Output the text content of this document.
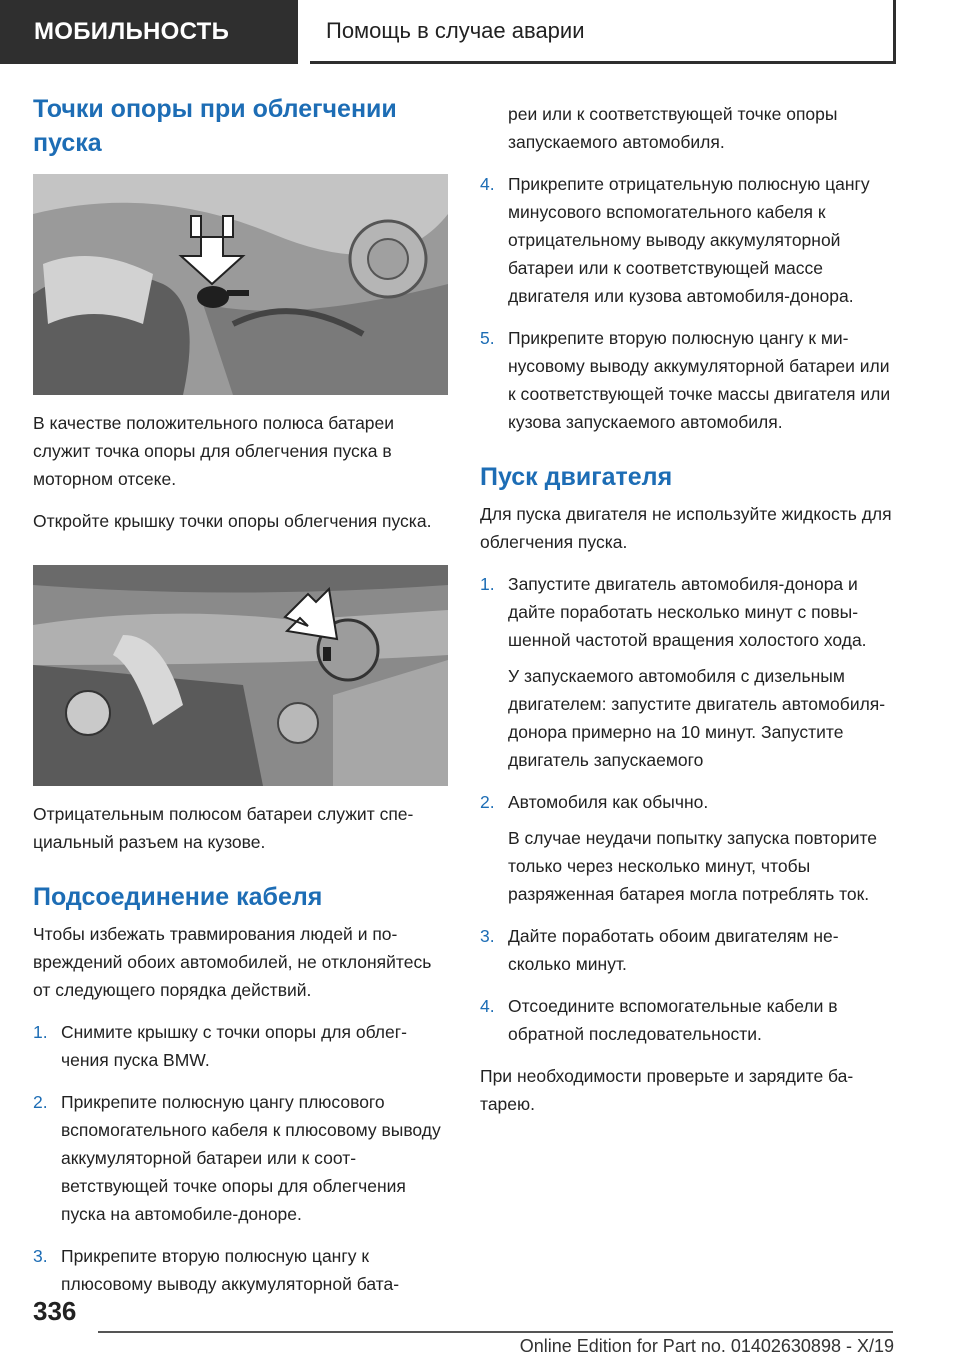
МОБИЛЬНОСТЬ	Помощь в случае аварии
Точки опоры при облегчении пуска

В качестве положительного полюса батареи служит точка опоры для облегчения пуска в моторном отсеке.

Откройте крышку точки опоры облегчения пуска.

Отрицательным полюсом батареи служит специальный разъем на кузове.

Подсоединение кабеля

Чтобы избежать травмирования людей и повреждений обоих автомобилей, не отклоняйтесь от следующего порядка действий.

1. Снимите крышку с точки опоры для облегчения пуска BMW.
2. Прикрепите полюсную цангу плюсового вспомогательного кабеля к плюсовому выводу аккумуляторной батареи или к соответствующей точке опоры для облегчения пуска на автомобиле-доноре.
3. Прикрепите вторую полюсную цангу к плюсовому выводу аккумуляторной бата-

реи или к соответствующей точке опоры запускаемого автомобиля.

4. Прикрепите отрицательную полюсную цангу минусового вспомогательного кабеля к отрицательному выводу аккумуляторной батареи или к соответствующей массе двигателя или кузова автомобиля-донора.
5. Прикрепите вторую полюсную цангу к минусовому выводу аккумуляторной батареи или к соответствующей точке массы двигателя или кузова запускаемого автомобиля.
Пуск двигателя

Для пуска двигателя не используйте жидкость для облегчения пуска.

1. Запустите двигатель автомобиля-донора и дайте поработать несколько минут с повышенной частотой вращения холостого хода.

У запускаемого автомобиля с дизельным двигателем: запустите двигатель автомобиля-донора примерно на 10 минут. Запустите двигатель запускаемого

2. Автомобиля как обычно.

В случае неудачи попытку запуска повторите только через несколько минут, чтобы разряженная батарея могла потреблять ток.

3. Дайте поработать обоим двигателям несколько минут.
4. Отсоедините вспомогательные кабели в обратной последовательности.

При необходимости проверьте и зарядите батарею.

336
Online Edition for Part no. 01402630898 - X/19
